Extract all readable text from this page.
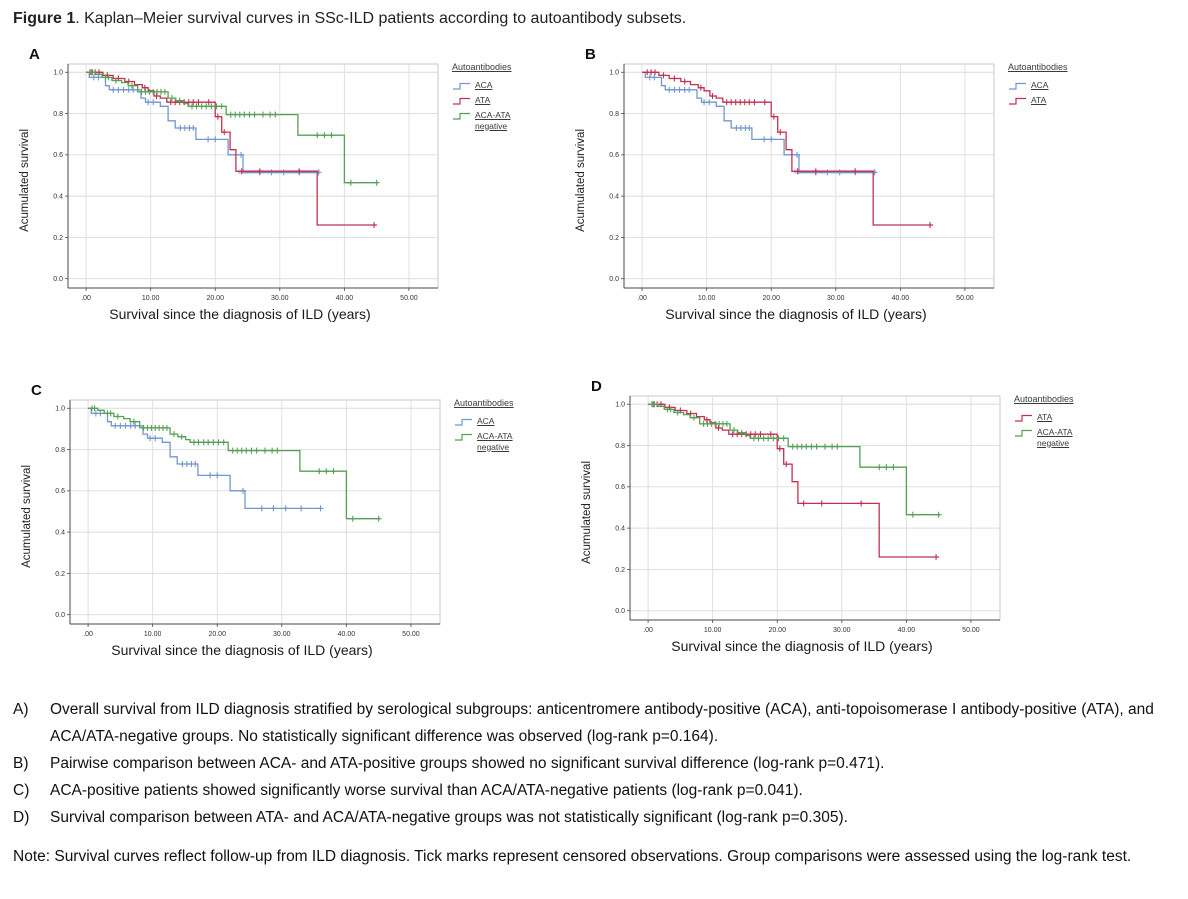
Figure 1. Kaplan–Meier survival curves in SSc-ILD patients according to autoantibody subsets.
A
Acumulated survival
.00	10.00	20.00	30.00	40.00	50.00
1.0
0.8
0.6
0.4
0.2
0.0
Autoantibodies
ACA
ATA
ACA-ATA negative
Survival since the diagnosis of ILD (years)
B
Acumulated survival
.00	10.00	20.00	30.00	40.00	50.00
1.0
0.8
0.6
0.4
0.2
0.0
Autoantibodies
ACA
ATA
Survival since the diagnosis of ILD (years)
C
Acumulated survival
.00	10.00	20.00	30.00	40.00	50.00
1.0
0.8
0.6
0.4
0.2
0.0
Autoantibodies
ACA
ACA-ATA negative
Survival since the diagnosis of ILD (years)
D
Acumulated survival
.00	10.00	20.00	30.00	40.00	50.00
1.0
0.8
0.6
0.4
0.2
0.0
Autoantibodies
ATA
ACA-ATA negative
Survival since the diagnosis of ILD (years)
A)	Overall survival from ILD diagnosis stratified by serological subgroups: anticentromere antibody-positive (ACA), anti-topoisomerase I antibody-positive (ATA), and ACA/ATA-negative groups. No statistically significant difference was observed (log-rank p=0.164).
B)	Pairwise comparison between ACA- and ATA-positive groups showed no significant survival difference (log-rank p=0.471).
C)	ACA-positive patients showed significantly worse survival than ACA/ATA-negative patients (log-rank p=0.041).
D)	Survival comparison between ATA- and ACA/ATA-negative groups was not statistically significant (log-rank p=0.305).
Note: Survival curves reflect follow-up from ILD diagnosis. Tick marks represent censored observations. Group comparisons were assessed using the log-rank test.
